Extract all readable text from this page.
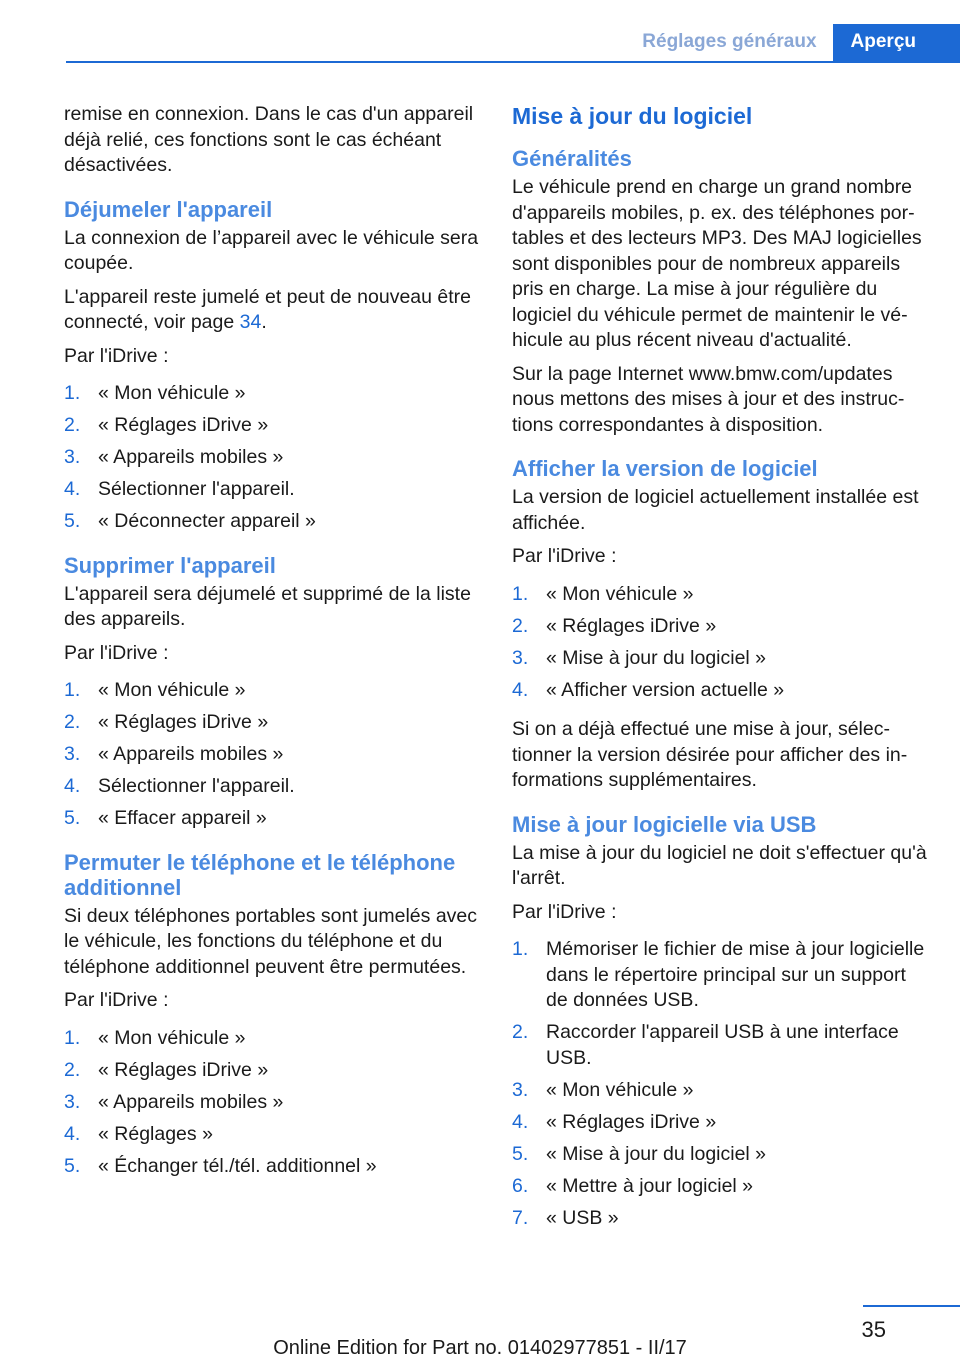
Réglages généraux	Aperçu

remise en connexion. Dans le cas d'un appareil déjà relié, ces fonctions sont le cas échéant désactivées.

Déjumeler l'appareil

La connexion de l’appareil avec le véhicule sera coupée.

L'appareil reste jumelé et peut de nouveau être connecté, voir page 34.

Par l'iDrive :

1. « Mon véhicule »
2. « Réglages iDrive »
3. « Appareils mobiles »
4. Sélectionner l'appareil.
5. « Déconnecter appareil »
Supprimer l'appareil

L'appareil sera déjumelé et supprimé de la liste des appareils.

Par l'iDrive :

1. « Mon véhicule »
2. « Réglages iDrive »
3. « Appareils mobiles »
4. Sélectionner l'appareil.
5. « Effacer appareil »
Permuter le téléphone et le téléphone additionnel

Si deux téléphones portables sont jumelés avec le véhicule, les fonctions du téléphone et du téléphone additionnel peuvent être permutées.

Par l'iDrive :

1. « Mon véhicule »
2. « Réglages iDrive »
3. « Appareils mobiles »
4. « Réglages »
5. « Échanger tél./tél. additionnel »
Mise à jour du logiciel
Généralités

Le véhicule prend en charge un grand nombre d'appareils mobiles, p. ex. des téléphones portables et des lecteurs MP3. Des MAJ logicielles sont disponibles pour de nombreux appareils pris en charge. La mise à jour régulière du logiciel du véhicule permet de maintenir le véhicule au plus récent niveau d'actualité.

Sur la page Internet www.bmw.com/updates nous mettons des mises à jour et des instructions correspondantes à disposition.

Afficher la version de logiciel

La version de logiciel actuellement installée est affichée.

Par l'iDrive :

1. « Mon véhicule »
2. « Réglages iDrive »
3. « Mise à jour du logiciel »
4. « Afficher version actuelle »

Si on a déjà effectué une mise à jour, sélectionner la version désirée pour afficher des informations supplémentaires.

Mise à jour logicielle via USB

La mise à jour du logiciel ne doit s'effectuer qu'à l'arrêt.

Par l'iDrive :

1. Mémoriser le fichier de mise à jour logicielle dans le répertoire principal sur un support de données USB.
2. Raccorder l'appareil USB à une interface USB.
3. « Mon véhicule »
4. « Réglages iDrive »
5. « Mise à jour du logiciel »
6. « Mettre à jour logiciel »
7. « USB »
35
Online Edition for Part no. 01402977851 - II/17
